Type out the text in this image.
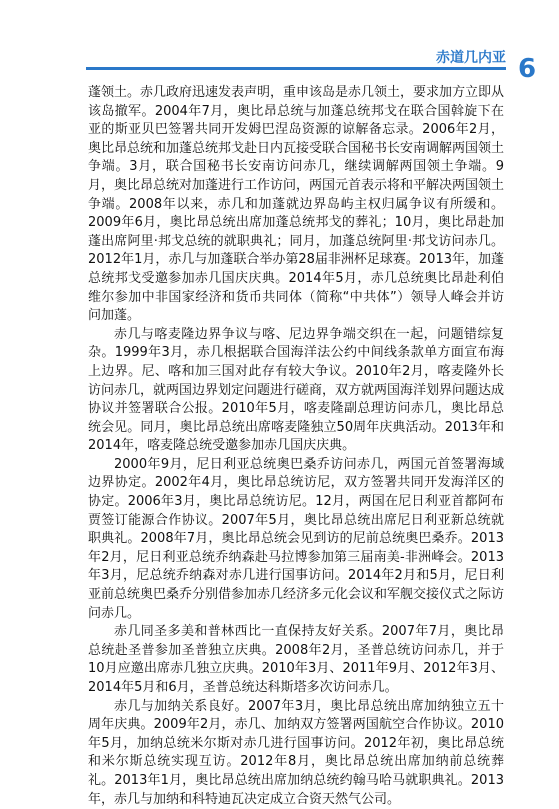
赤道几内亚 6

蓬领土。赤几政府迅速发表声明，重申该岛是赤几领土，要求加方立即从该岛撤军。2004年7月，奥比昂总统与加蓬总统邦戈在联合国斡旋下在亚的斯亚贝巴签署共同开发姆巴涅岛资源的谅解备忘录。2006年2月，奥比昂总统和加蓬总统邦戈赴日内瓦接受联合国秘书长安南调解两国领土争端。3月，联合国秘书长安南访问赤几，继续调解两国领土争端。9月，奥比昂总统对加蓬进行工作访问，两国元首表示将和平解决两国领土争端。2008年以来，赤几和加蓬就边界岛屿主权归属争议有所缓和。2009年6月，奥比昂总统出席加蓬总统邦戈的葬礼；10月，奥比昂赴加蓬出席阿里·邦戈总统的就职典礼；同月，加蓬总统阿里·邦戈访问赤几。2012年1月，赤几与加蓬联合举办第28届非洲杯足球赛。2013年，加蓬总统邦戈受邀参加赤几国庆庆典。2014年5月，赤几总统奥比昂赴利伯维尔参加中非国家经济和货币共同体（简称“中共体”）领导人峰会并访问加蓬。

赤几与喀麦隆边界争议与喀、尼边界争端交织在一起，问题错综复杂。1999年3月，赤几根据联合国海洋法公约中间线条款单方面宣布海上边界。尼、喀和加三国对此存有较大争议。2010年2月，喀麦隆外长访问赤几，就两国边界划定问题进行磋商，双方就两国海洋划界问题达成协议并签署联合公报。2010年5月，喀麦隆副总理访问赤几，奥比昂总统会见。同月，奥比昂总统出席喀麦隆独立50周年庆典活动。2013年和2014年，喀麦隆总统受邀参加赤几国庆庆典。

2000年9月，尼日利亚总统奥巴桑乔访问赤几，两国元首签署海域边界协定。2002年4月，奥比昂总统访尼，双方签署共同开发海洋区的协定。2006年3月，奥比昂总统访尼。12月，两国在尼日利亚首都阿布贾签订能源合作协议。2007年5月，奥比昂总统出席尼日利亚新总统就职典礼。2008年7月，奥比昂总统会见到访的尼前总统奥巴桑乔。2013年2月，尼日利亚总统乔纳森赴马拉博参加第三届南美-非洲峰会。2013年3月，尼总统乔纳森对赤几进行国事访问。2014年2月和5月，尼日利亚前总统奥巴桑乔分别借参加赤几经济多元化会议和军舰交接仪式之际访问赤几。

赤几同圣多美和普林西比一直保持友好关系。2007年7月，奥比昂总统赴圣普参加圣普独立庆典。2008年2月，圣普总统访问赤几，并于10月应邀出席赤几独立庆典。2010年3月、2011年9月、2012年3月、2014年5月和6月，圣普总统达科斯塔多次访问赤几。

赤几与加纳关系良好。2007年3月，奥比昂总统出席加纳独立五十周年庆典。2009年2月，赤几、加纳双方签署两国航空合作协议。2010年5月，加纳总统米尔斯对赤几进行国事访问。2012年初，奥比昂总统和米尔斯总统实现互访。2012年8月，奥比昂总统出席加纳前总统葬礼。2013年1月，奥比昂总统出席加纳总统约翰马哈马就职典礼。2013年，赤几与加纳和科特迪瓦决定成立合资天然气公司。
